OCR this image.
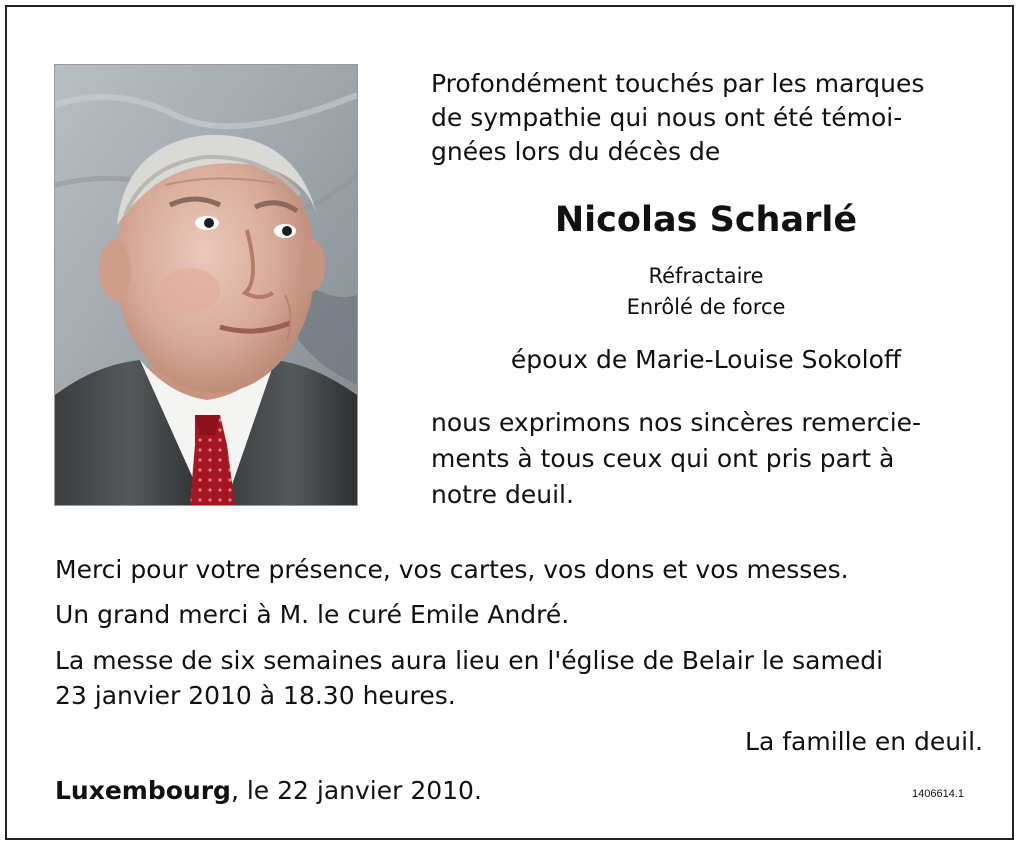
Profondément touchés par les marques
de sympathie qui nous ont été témoi-
gnées lors du décès de
Nicolas Scharlé
Réfractaire
Enrôlé de force
époux de Marie-Louise Sokoloff
nous exprimons nos sincères remercie-
ments à tous ceux qui ont pris part à
notre deuil.
Merci pour votre présence, vos cartes, vos dons et vos messes.
Un grand merci à M. le curé Emile André.
La messe de six semaines aura lieu en l'église de Belair le samedi
23 janvier 2010 à 18.30 heures.
La famille en deuil.
Luxembourg, le 22 janvier 2010.	1406614.1
